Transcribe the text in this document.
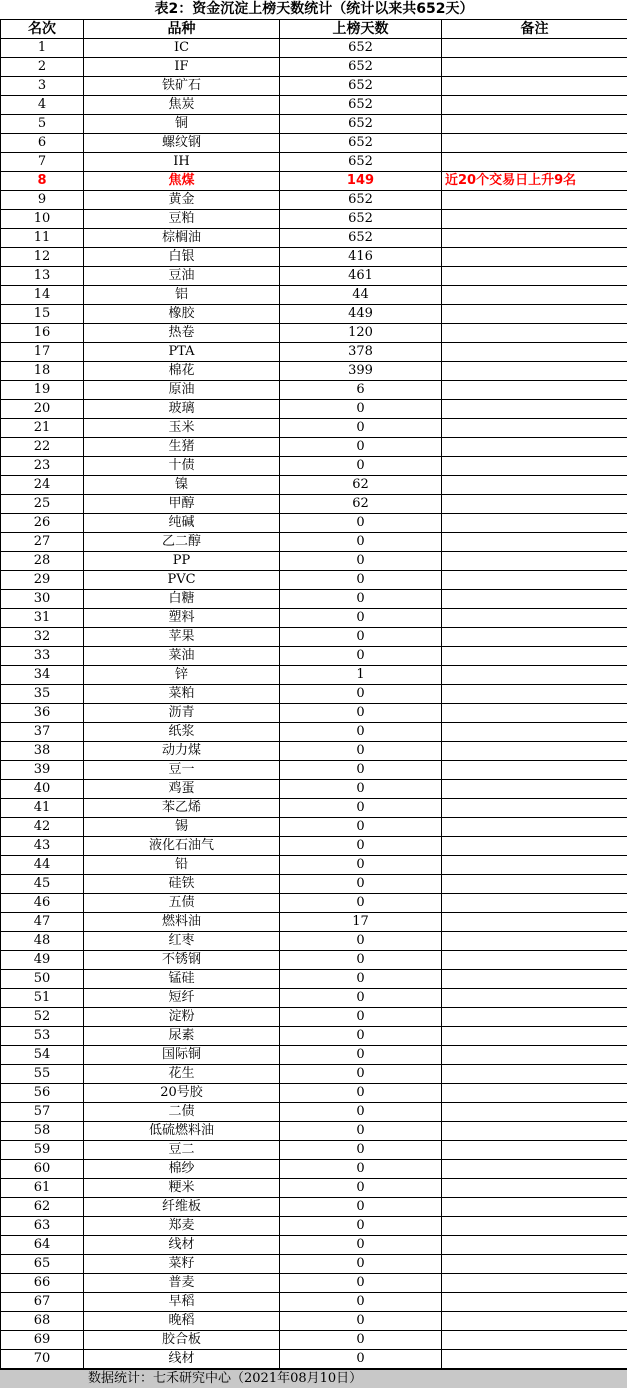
表2：资金沉淀上榜天数统计（统计以来共652天）			
名次	品种	上榜天数	备注
1	IC	652	
2	IF	652	
3	铁矿石	652	
4	焦炭	652	
5	铜	652	
6	螺纹钢	652	
7	IH	652	
8	焦煤	149	近20个交易日上升9名
9	黄金	652	
10	豆粕	652	
11	棕榈油	652	
12	白银	416	
13	豆油	461	
14	铝	44	
15	橡胶	449	
16	热卷	120	
17	PTA	378	
18	棉花	399	
19	原油	6	
20	玻璃	0	
21	玉米	0	
22	生猪	0	
23	十债	0	
24	镍	62	
25	甲醇	62	
26	纯碱	0	
27	乙二醇	0	
28	PP	0	
29	PVC	0	
30	白糖	0	
31	塑料	0	
32	苹果	0	
33	菜油	0	
34	锌	1	
35	菜粕	0	
36	沥青	0	
37	纸浆	0	
38	动力煤	0	
39	豆一	0	
40	鸡蛋	0	
41	苯乙烯	0	
42	锡	0	
43	液化石油气	0	
44	铅	0	
45	硅铁	0	
46	五债	0	
47	燃料油	17	
48	红枣	0	
49	不锈钢	0	
50	锰硅	0	
51	短纤	0	
52	淀粉	0	
53	尿素	0	
54	国际铜	0	
55	花生	0	
56	20号胶	0	
57	二债	0	
58	低硫燃料油	0	
59	豆二	0	
60	棉纱	0	
61	粳米	0	
62	纤维板	0	
63	郑麦	0	
64	线材	0	
65	菜籽	0	
66	普麦	0	
67	早稻	0	
68	晚稻	0	
69	胶合板	0	
70	线材	0	
数据统计：七禾研究中心（2021年08月10日）
